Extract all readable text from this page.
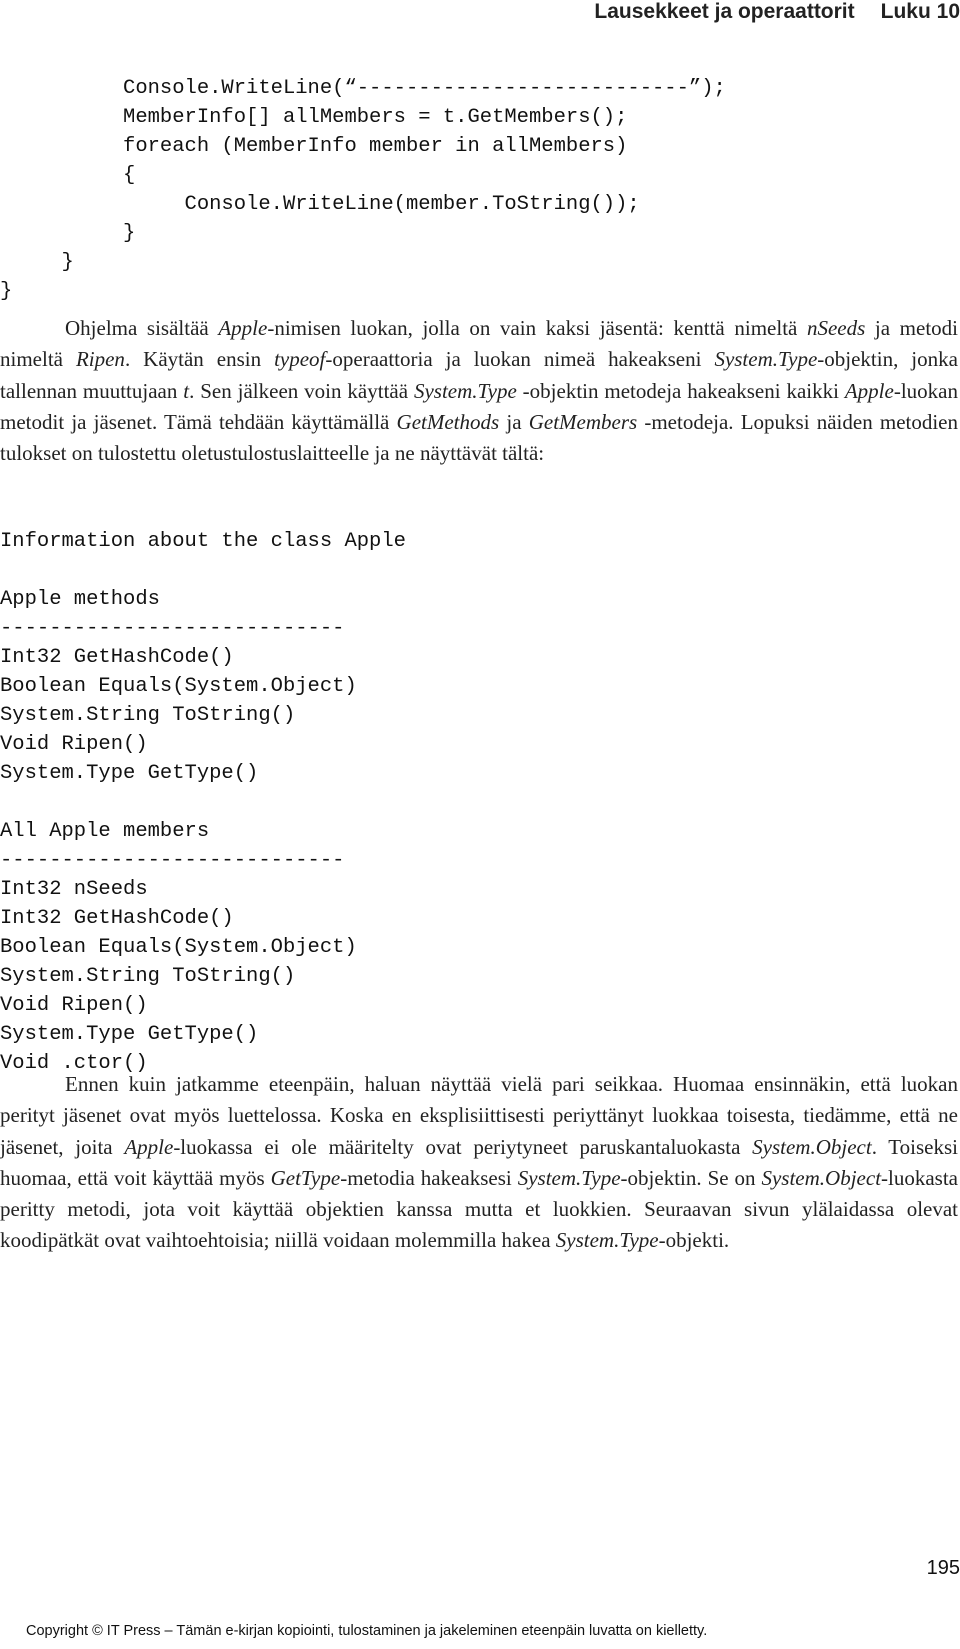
Lausekkeet ja operaattorit Luku 10
Console.WriteLine(“---------------------------”);
MemberInfo[] allMembers = t.GetMembers();
foreach (MemberInfo member in allMembers)
{
Console.WriteLine(member.ToString());
}
}
}

Ohjelma sisältää Apple-nimisen luokan, jolla on vain kaksi jäsentä: kenttä nimeltä nSeeds ja metodi nimeltä Ripen. Käytän ensin typeof-operaattoria ja luokan nimeä hakeakseni System.Type-objektin, jonka tallennan muuttujaan t. Sen jälkeen voin käyttää System.Type -objektin metodeja hakeakseni kaikki Apple-luokan metodit ja jäsenet. Tämä tehdään käyttämällä GetMethods ja GetMembers -metodeja. Lopuksi näiden metodien tulokset on tulostettu oletustulostuslaitteelle ja ne näyttävät tältä:

Information about the class Apple
Apple methods
----------------------------
Int32 GetHashCode()
Boolean Equals(System.Object)
System.String ToString()
Void Ripen()
System.Type GetType()
All Apple members
----------------------------
Int32 nSeeds
Int32 GetHashCode()
Boolean Equals(System.Object)
System.String ToString()
Void Ripen()
System.Type GetType()
Void .ctor()

Ennen kuin jatkamme eteenpäin, haluan näyttää vielä pari seikkaa. Huomaa ensinnäkin, että luokan perityt jäsenet ovat myös luettelossa. Koska en eksplisiittisesti periyttänyt luokkaa toisesta, tiedämme, että ne jäsenet, joita Apple-luokassa ei ole määritelty ovat periytyneet paruskantaluokasta System.Object. Toiseksi huomaa, että voit käyttää myös GetType-metodia hakeaksesi System.Type-objektin. Se on System.Object-luokasta peritty metodi, jota voit käyttää objektien kanssa mutta et luokkien. Seuraavan sivun ylälaidassa olevat koodipätkät ovat vaihtoehtoisia; niillä voidaan molemmilla hakea System.Type-objekti.

195
Copyright © IT Press – Tämän e-kirjan kopiointi, tulostaminen ja jakeleminen eteenpäin luvatta on kielletty.
